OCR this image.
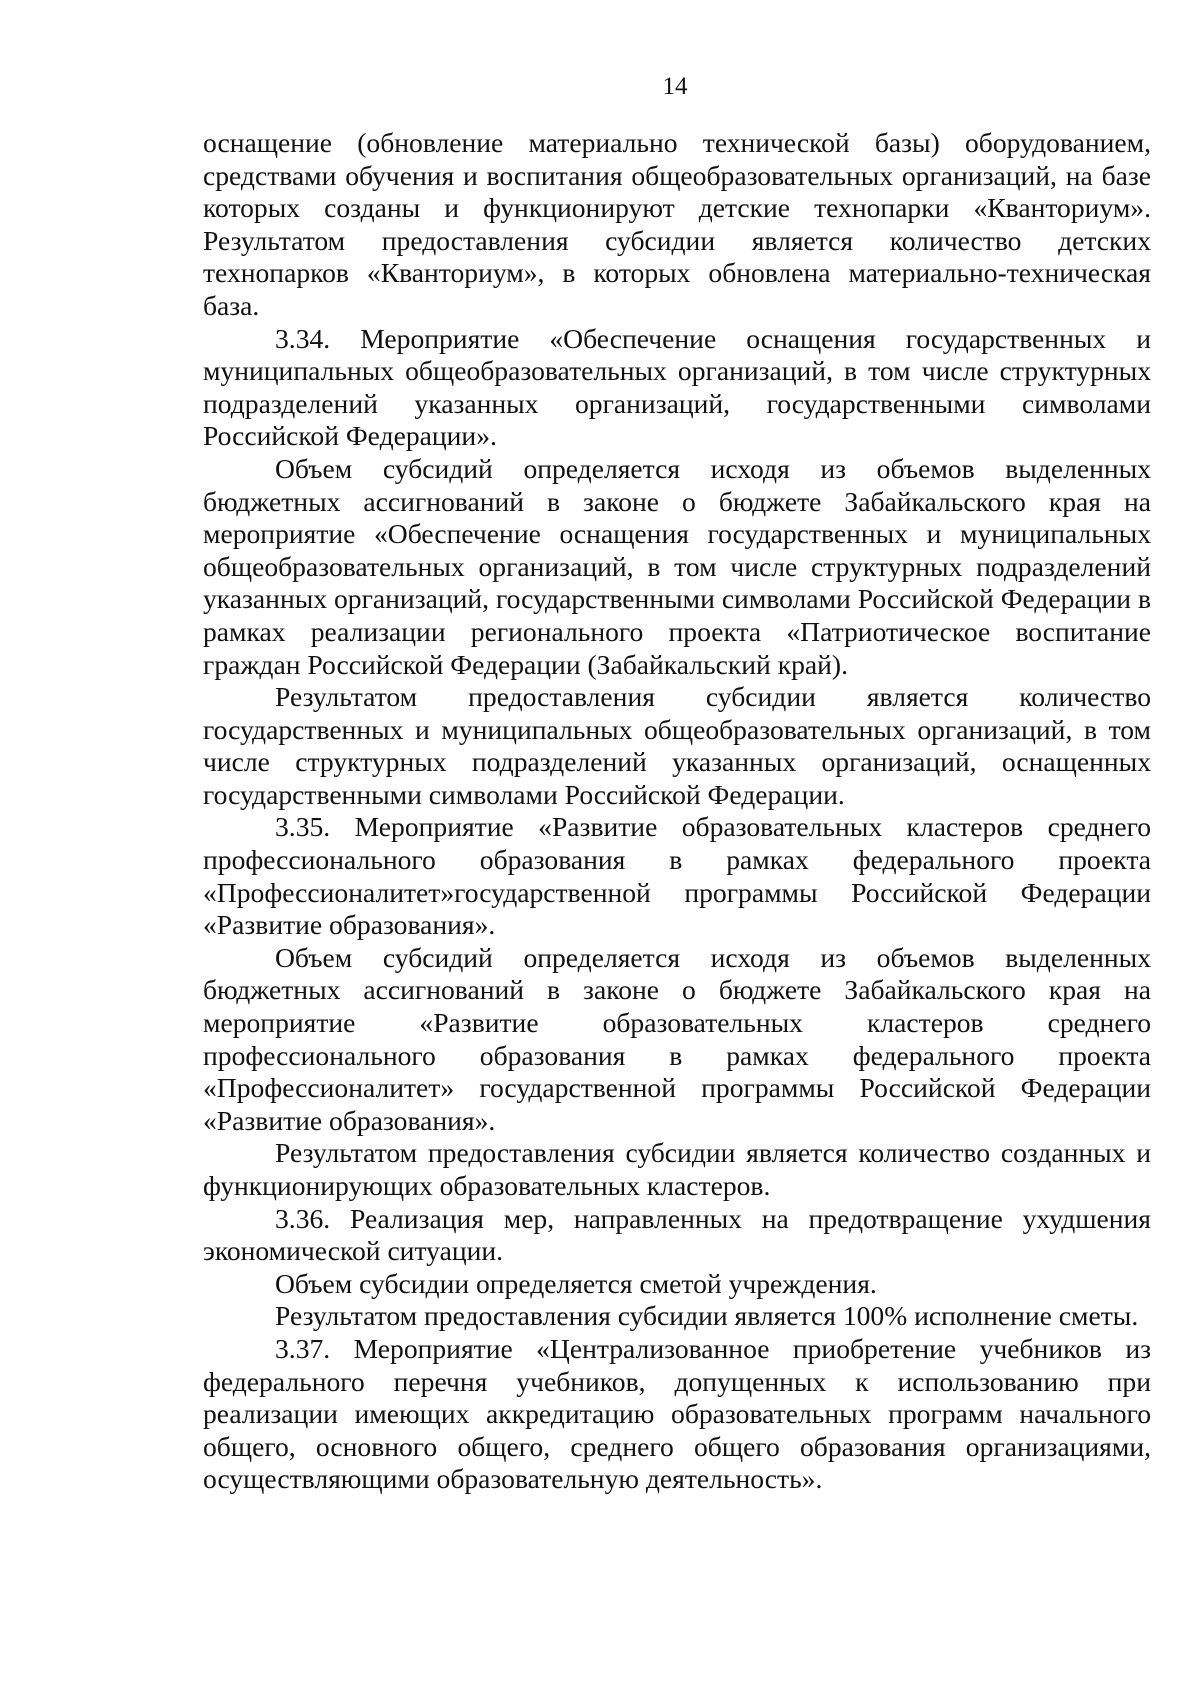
14

оснащение (обновление материально технической базы) оборудованием, средствами обучения и воспитания общеобразовательных организаций, на базе которых созданы и функционируют детские технопарки «Кванториум». Результатом предоставления субсидии является количество детских технопарков «Кванториум», в которых обновлена материально-техническая база.

3.34. Мероприятие «Обеспечение оснащения государственных и муниципальных общеобразовательных организаций, в том числе структурных подразделений указанных организаций, государственными символами Российской Федерации».

Объем субсидий определяется исходя из объемов выделенных бюджетных ассигнований в законе о бюджете Забайкальского края на мероприятие «Обеспечение оснащения государственных и муниципальных общеобразовательных организаций, в том числе структурных подразделений указанных организаций, государственными символами Российской Федерации в рамках реализации регионального проекта «Патриотическое воспитание граждан Российской Федерации (Забайкальский край).

Результатом предоставления субсидии является количество государственных и муниципальных общеобразовательных организаций, в том числе структурных подразделений указанных организаций, оснащенных государственными символами Российской Федерации.

3.35. Мероприятие «Развитие образовательных кластеров среднего профессионального образования в рамках федерального проекта «Профессионалитет»государственной программы Российской Федерации «Развитие образования».

Объем субсидий определяется исходя из объемов выделенных бюджетных ассигнований в законе о бюджете Забайкальского края на мероприятие «Развитие образовательных кластеров среднего профессионального образования в рамках федерального проекта «Профессионалитет» государственной программы Российской Федерации «Развитие образования».

Результатом предоставления субсидии является количество созданных и функционирующих образовательных кластеров.

3.36. Реализация мер, направленных на предотвращение ухудшения экономической ситуации.

Объем субсидии определяется сметой учреждения.

Результатом предоставления субсидии является 100% исполнение сметы.

3.37. Мероприятие «Централизованное приобретение учебников из федерального перечня учебников, допущенных к использованию при реализации имеющих аккредитацию образовательных программ начального общего, основного общего, среднего общего образования организациями, осуществляющими образовательную деятельность».
